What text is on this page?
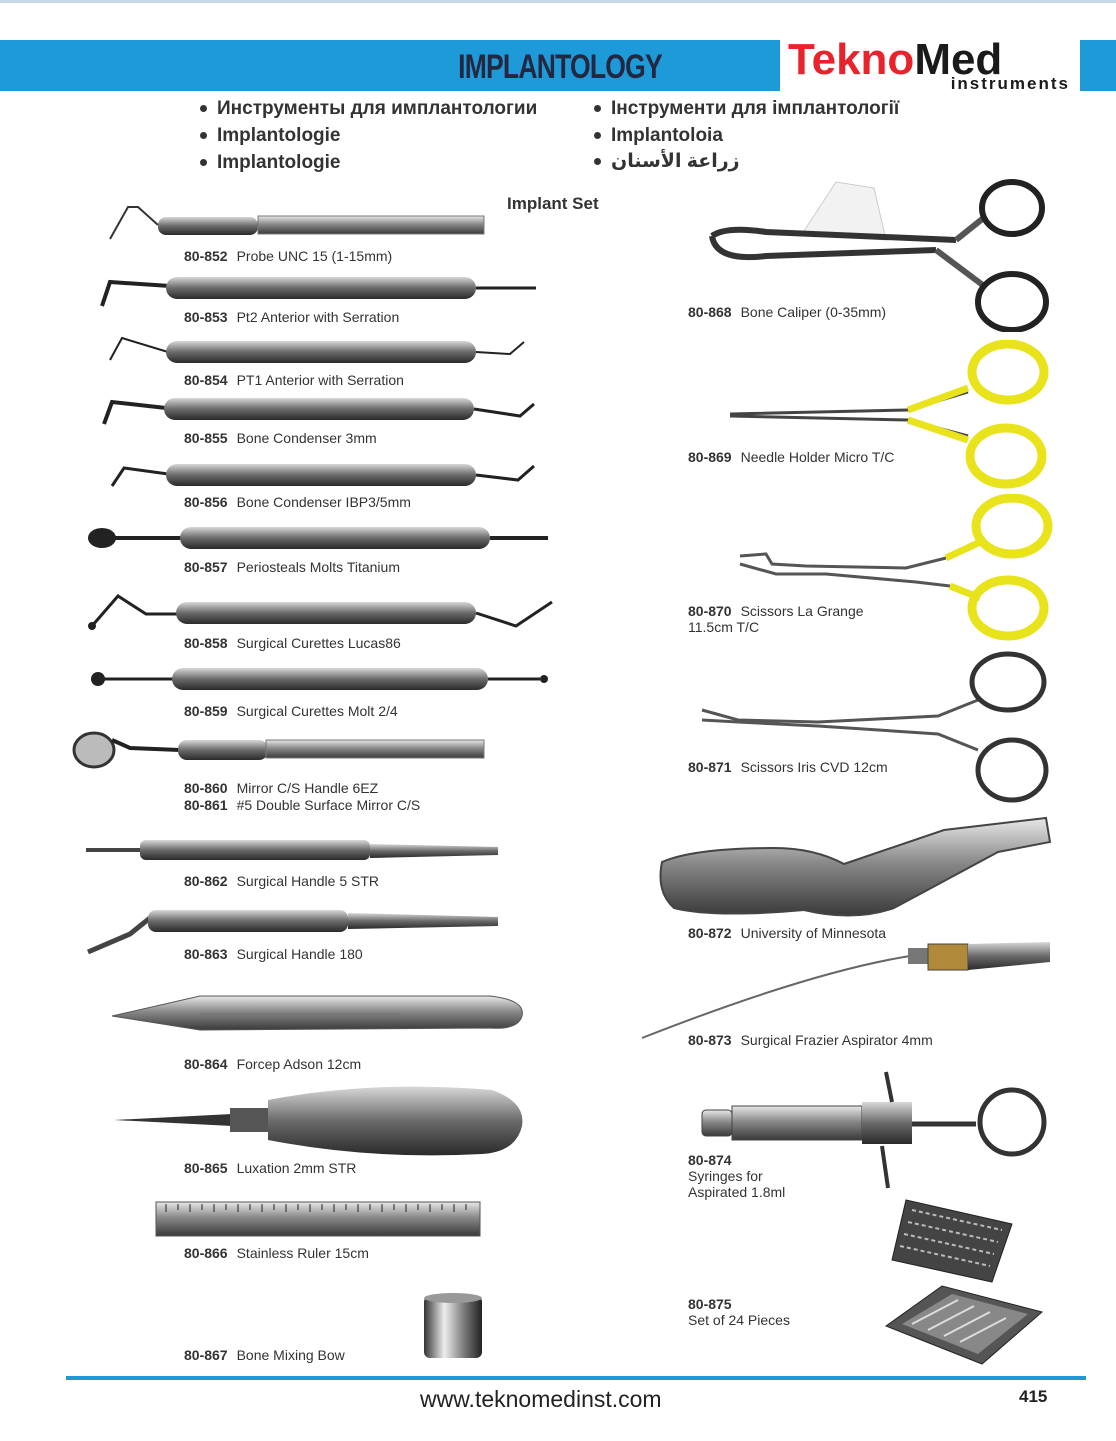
IMPLANTOLOGY	TeknoMed
instruments
Инструменты для имплантологии
Implantologie
Implantologie
Інструменти для імплантології
Implantoloia
زراعة الأسنان
Implant Set
80-852 Probe UNC 15 (1-15mm)
80-853 Pt2 Anterior with Serration
80-854 PT1 Anterior with Serration
80-855 Bone Condenser 3mm
80-856 Bone Condenser IBP3/5mm
80-857 Periosteals Molts Titanium
80-858 Surgical Curettes Lucas86
80-859 Surgical Curettes Molt 2/4
80-860 Mirror C/S Handle 6EZ
80-861 #5 Double Surface Mirror C/S
80-862 Surgical Handle 5 STR
80-863 Surgical Handle 180
80-864 Forcep Adson 12cm
80-865 Luxation 2mm STR
80-866 Stainless Ruler 15cm
80-867 Bone Mixing Bow
80-868 Bone Caliper (0-35mm)
80-869 Needle Holder Micro T/C
80-870 Scissors La Grange
11.5cm T/C
80-871 Scissors Iris CVD 12cm
80-872 University of Minnesota
80-873 Surgical Frazier Aspirator 4mm
80-874
Syringes for
Aspirated 1.8ml
80-875
Set of 24 Pieces
www.teknomedinst.com	415
